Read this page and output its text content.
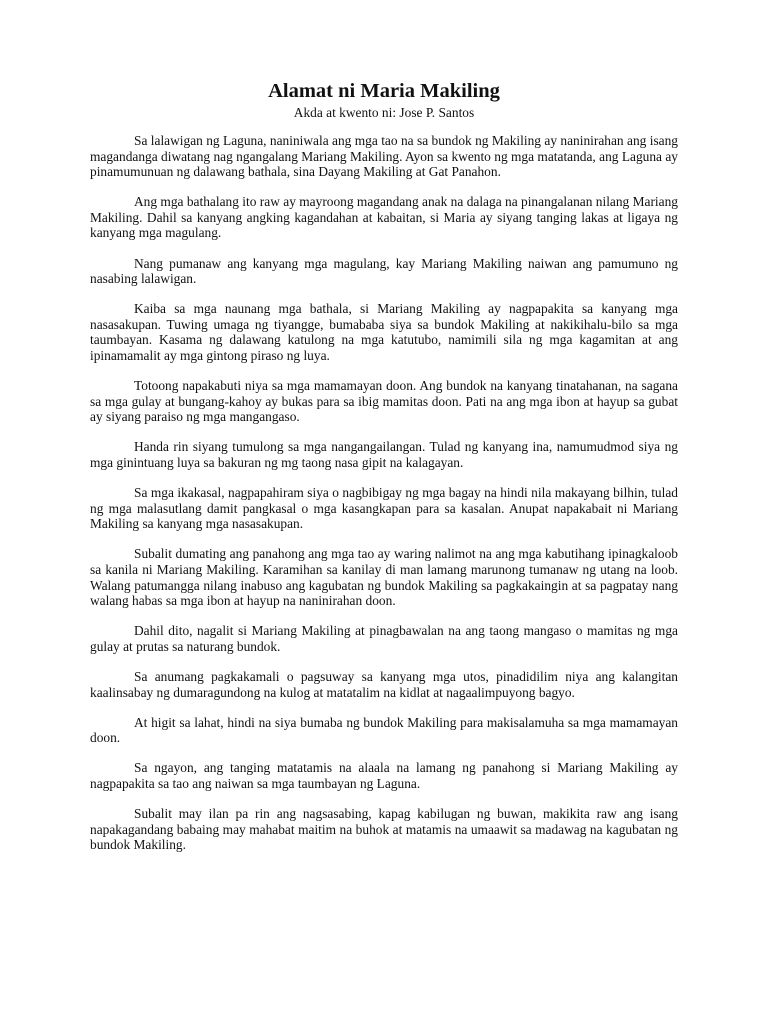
Alamat ni Maria Makiling

Akda at kwento ni: Jose P. Santos

Sa lalawigan ng Laguna, naniniwala ang mga tao na sa bundok ng Makiling ay naninirahan ang isang magandanga diwatang nag ngangalang Mariang Makiling. Ayon sa kwento ng mga matatanda, ang Laguna ay pinamumunuan ng dalawang bathala, sina Dayang Makiling at Gat Panahon.

Ang mga bathalang ito raw ay mayroong magandang anak na dalaga na pinangalanan nilang Mariang Makiling. Dahil sa kanyang angking kagandahan at kabaitan, si Maria ay siyang tanging lakas at ligaya ng kanyang mga magulang.

Nang pumanaw ang kanyang mga magulang, kay Mariang Makiling naiwan ang pamumuno ng nasabing lalawigan.

Kaiba sa mga naunang mga bathala, si Mariang Makiling ay nagpapakita sa kanyang mga nasasakupan. Tuwing umaga ng tiyangge, bumababa siya sa bundok Makiling at nakikihalu-bilo sa mga taumbayan. Kasama ng dalawang katulong na mga katutubo, namimili sila ng mga kagamitan at ang ipinamamalit ay mga gintong piraso ng luya.

Totoong napakabuti niya sa mga mamamayan doon. Ang bundok na kanyang tinatahanan, na sagana sa mga gulay at bungang-kahoy ay bukas para sa ibig mamitas doon. Pati na ang mga ibon at hayup sa gubat ay siyang paraiso ng mga mangangaso.

Handa rin siyang tumulong sa mga nangangailangan. Tulad ng kanyang ina, namumudmod siya ng mga ginintuang luya sa bakuran ng mg taong nasa gipit na kalagayan.

Sa mga ikakasal, nagpapahiram siya o nagbibigay ng mga bagay na hindi nila makayang bilhin, tulad ng mga malasutlang damit pangkasal o mga kasangkapan para sa kasalan. Anupat napakabait ni Mariang Makiling sa kanyang mga nasasakupan.

Subalit dumating ang panahong ang mga tao ay waring nalimot na ang mga kabutihang ipinagkaloob sa kanila ni Mariang Makiling. Karamihan sa kanilay di man lamang marunong tumanaw ng utang na loob. Walang patumangga nilang inabuso ang kagubatan ng bundok Makiling sa pagkakaingin at sa pagpatay nang walang habas sa mga ibon at hayup na naninirahan doon.

Dahil dito, nagalit si Mariang Makiling at pinagbawalan na ang taong mangaso o mamitas ng mga gulay at prutas sa naturang bundok.

Sa anumang pagkakamali o pagsuway sa kanyang mga utos, pinadidilim niya ang kalangitan kaalinsabay ng dumaragundong na kulog at matatalim na kidlat at nagaalimpuyong bagyo.

At higit sa lahat, hindi na siya bumaba ng bundok Makiling para makisalamuha sa mga mamamayan doon.

Sa ngayon, ang tanging matatamis na alaala na lamang ng panahong si Mariang Makiling ay nagpapakita sa tao ang naiwan sa mga taumbayan ng Laguna.

Subalit may ilan pa rin ang nagsasabing, kapag kabilugan ng buwan, makikita raw ang isang napakagandang babaing may mahabat maitim na buhok at matamis na umaawit sa madawag na kagubatan ng bundok Makiling.
